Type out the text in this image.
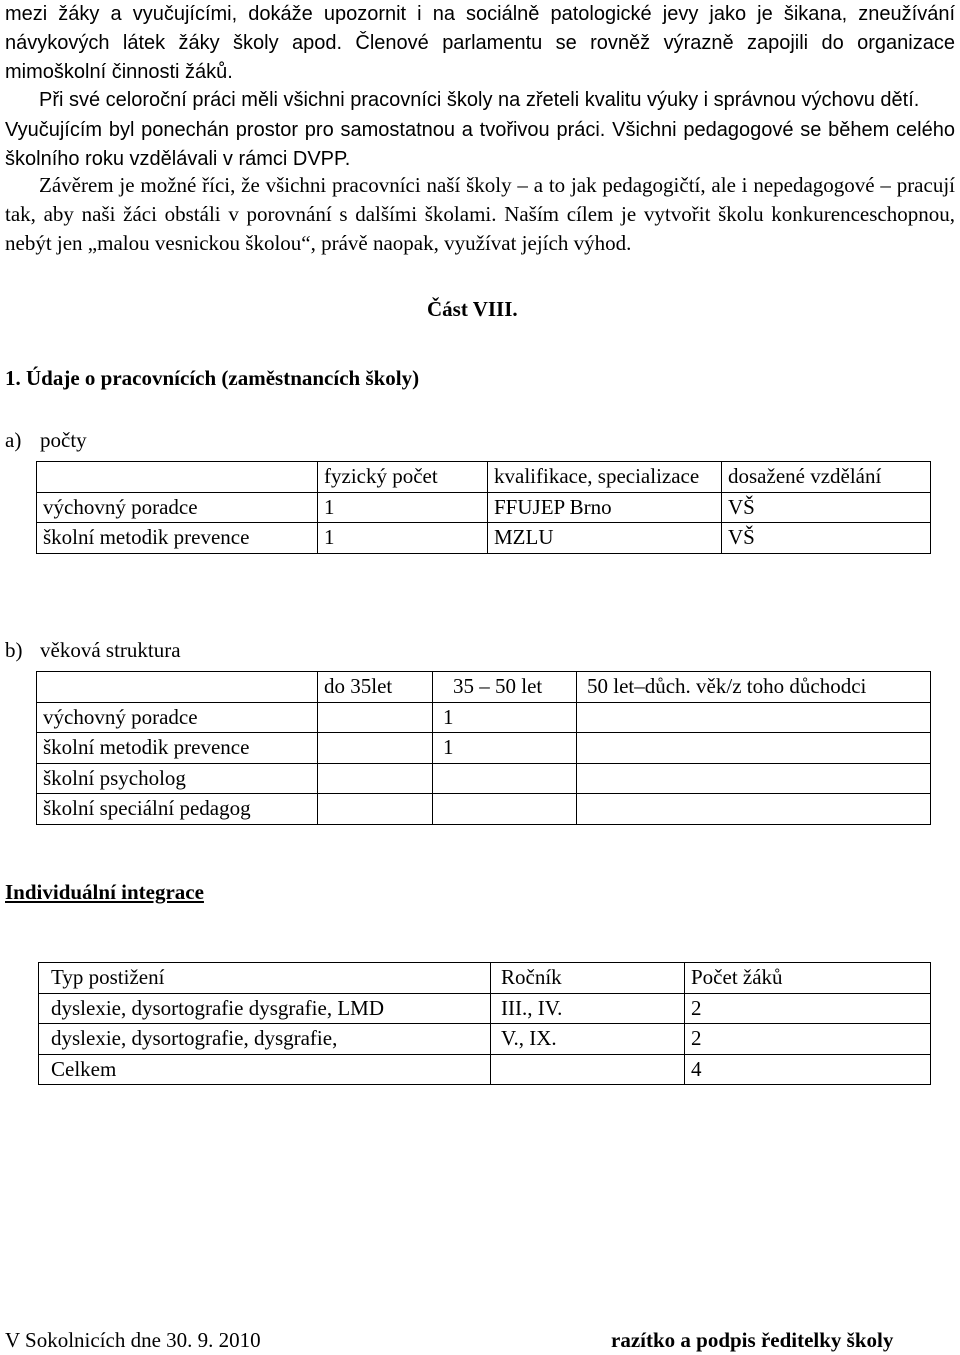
mezi žáky a vyučujícími, dokáže upozornit i na sociálně patologické jevy jako je šikana, zneužívání návykových látek žáky školy apod. Členové parlamentu se rovněž výrazně zapojili do organizace mimoškolní činnosti žáků.

Při své celoroční práci měli všichni pracovníci školy na zřeteli kvalitu výuky i správnou výchovu dětí.

Vyučujícím byl ponechán prostor pro samostatnou a tvořivou práci. Všichni pedagogové se během celého školního roku vzdělávali v rámci DVPP.

Závěrem je možné říci, že všichni pracovníci naší školy – a to jak pedagogičtí, ale i nepedagogové – pracují tak, aby naši žáci obstáli v porovnání s dalšími školami. Naším cílem je vytvořit školu konkurenceschopnou, nebýt jen „malou vesnickou školou“, právě naopak, využívat jejích výhod.

Část VIII.
1. Údaje o pracovnících (zaměstnancích školy)
a) počty
	fyzický počet	kvalifikace, specializace	dosažené vzdělání
výchovný poradce	1	FFUJEP Brno	VŠ
školní metodik prevence	1	MZLU	VŠ
b) věková struktura
	do 35let	35 – 50 let	50 let–důch. věk/z toho důchodci
výchovný poradce		1	
školní metodik prevence		1	
školní psycholog			
školní speciální pedagog			
Individuální integrace
Typ postižení	Ročník	Počet žáků
dyslexie, dysortografie dysgrafie, LMD	III., IV.	2
dyslexie, dysortografie, dysgrafie,	V., IX.	2
Celkem		4
V Sokolnicích dne 30. 9. 2010	razítko a podpis ředitelky školy
